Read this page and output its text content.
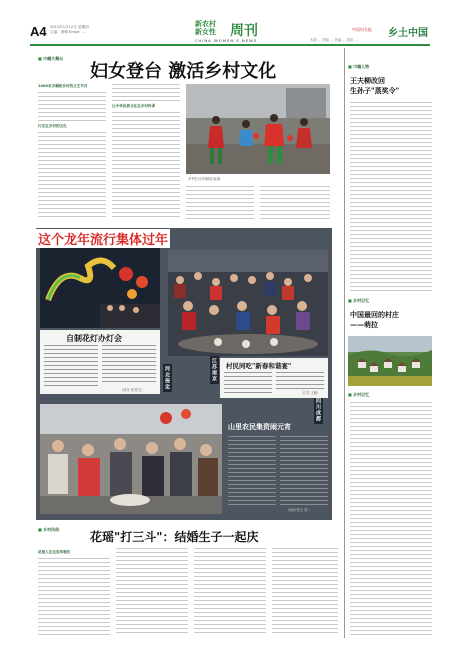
A4 2012年1月12日 星期四
主编：黄敏 Email: ...
新农村
新女性 周刊
CHINA WOMEN'S NEWS
中国妇女报 乡土中国
本版 ... 责编 ... 美编 ... 质检 ...
■ 巾帼大舞台
妇女登台 激活乡村文化
1000名巾帼助乡村的文艺节目
行走在乡村的文化
让中华民族文化在乡村传承
乡村妇女的精彩表演
这个龙年流行集体过年
自制花灯办灯会
（河北 刘 张文）	河北保定	江苏南京
四川成都
村民同吃"新春和谐宴"
（江苏 王晓）
山里农民集资闹元宵
（河南 张文 刘 ）
■ 乡村风俗
花瑶"打三斗"：结婚生子一起庆
花瑶人在这里举婚庆
■ 巾帼人物
王夫柳改回
生孙子"蒸奖令"
■ 乡村记忆
中国最回的村庄
——萌拉
■ 乡村记忆
